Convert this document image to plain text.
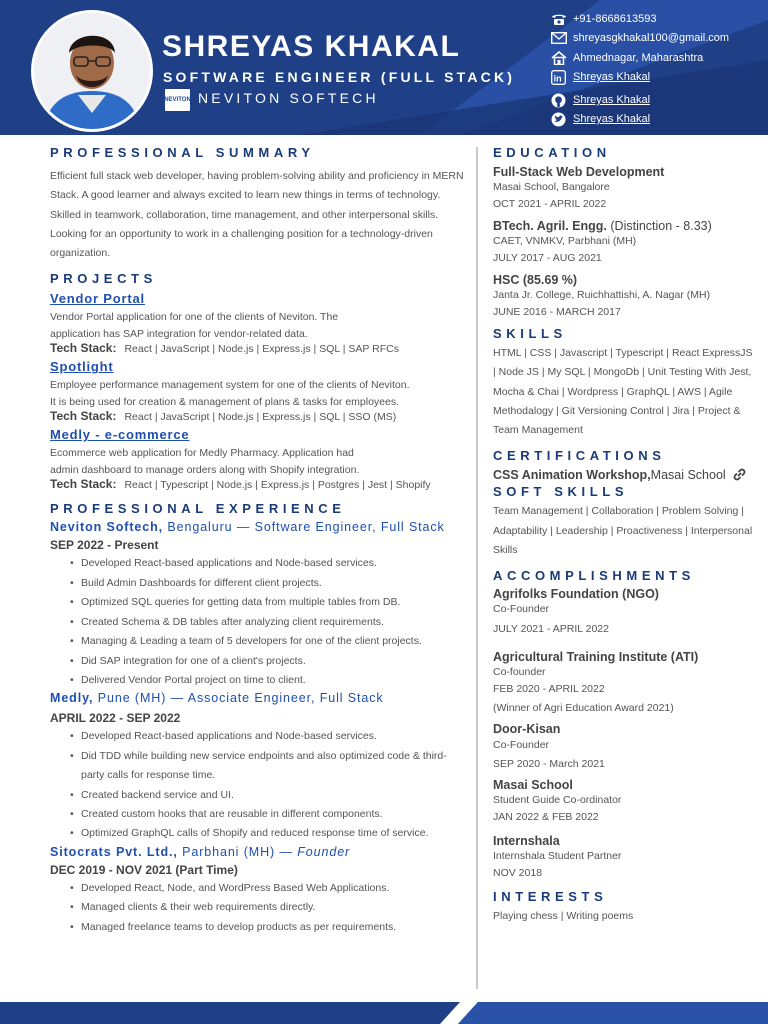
SHREYAS KHAKAL
SOFTWARE ENGINEER (FULL STACK)
NEVITON NEVITON SOFTECH
+91-8668613593
shreyasgkhakal100@gmail.com
Ahmednagar, Maharashtra
in Shreyas Khakal
Shreyas Khakal
Shreyas Khakal
PROFESSIONAL SUMMARY

Efficient full stack web developer, having problem-solving ability and proficiency in MERN Stack. A good learner and always excited to learn new things in terms of technology. Skilled in teamwork, collaboration, time management, and other interpersonal skills. Looking for an opportunity to work in a challenging position for a technology-driven organization.

PROJECTS
Vendor Portal
Vendor Portal application for one of the clients of Neviton. The
application has SAP integration for vendor-related data.
Tech Stack: React | JavaScript | Node.js | Express.js | SQL | SAP RFCs
Spotlight
Employee performance management system for one of the clients of Neviton.
It is being used for creation & management of plans & tasks for employees.
Tech Stack: React | JavaScript | Node.js | Express.js | SQL | SSO (MS)
Medly - e-commerce
Ecommerce web application for Medly Pharmacy. Application had
admin dashboard to manage orders along with Shopify integration.
Tech Stack: React | Typescript | Node.js | Express.js | Postgres | Jest | Shopify
PROFESSIONAL EXPERIENCE
Neviton Softech, Bengaluru — Software Engineer, Full Stack
SEP 2022 - Present
• Developed React-based applications and Node-based services.
• Build Admin Dashboards for different client projects.
• Optimized SQL queries for getting data from multiple tables from DB.
• Created Schema & DB tables after analyzing client requirements.
• Managing & Leading a team of 5 developers for one of the client projects.
• Did SAP integration for one of a client's projects.
• Delivered Vendor Portal project on time to client.
Medly, Pune (MH) — Associate Engineer, Full Stack
APRIL 2022 - SEP 2022
• Developed React-based applications and Node-based services.
• Did TDD while building new service endpoints and also optimized code & third-party calls for response time.
• Created backend service and UI.
• Created custom hooks that are reusable in different components.
• Optimized GraphQL calls of Shopify and reduced response time of service.
Sitocrats Pvt. Ltd., Parbhani (MH) — Founder
DEC 2019 - NOV 2021 (Part Time)
• Developed React, Node, and WordPress Based Web Applications.
• Managed clients & their web requirements directly.
• Managed freelance teams to develop products as per requirements.
EDUCATION
Full-Stack Web Development
Masai School, Bangalore
OCT 2021 - APRIL 2022
BTech. Agril. Engg. (Distinction - 8.33)
CAET, VNMKV, Parbhani (MH)
JULY 2017 - AUG 2021
HSC (85.69 %)
Janta Jr. College, Ruichhattishi, A. Nagar (MH)
JUNE 2016 - MARCH 2017
SKILLS

HTML | CSS | Javascript | Typescript | React ExpressJS | Node JS | My SQL | MongoDb | Unit Testing With Jest, Mocha & Chai | Wordpress | GraphQL | AWS | Agile Methodalogy | Git Versioning Control | Jira | Project & Team Management

CERTIFICATIONS
CSS Animation Workshop, Masai School
SOFT SKILLS

Team Management | Collaboration | Problem Solving | Adaptability | Leadership | Proactiveness | Interpersonal Skills

ACCOMPLISHMENTS
Agrifolks Foundation (NGO)
Co-Founder
JULY 2021 - APRIL 2022
Agricultural Training Institute (ATI)
Co-founder
FEB 2020 - APRIL 2022
(Winner of Agri Education Award 2021)
Door-Kisan
Co-Founder
SEP 2020 - March 2021
Masai School
Student Guide Co-ordinator
JAN 2022 & FEB 2022
Internshala
Internshala Student Partner
NOV 2018
INTERESTS

Playing chess | Writing poems
